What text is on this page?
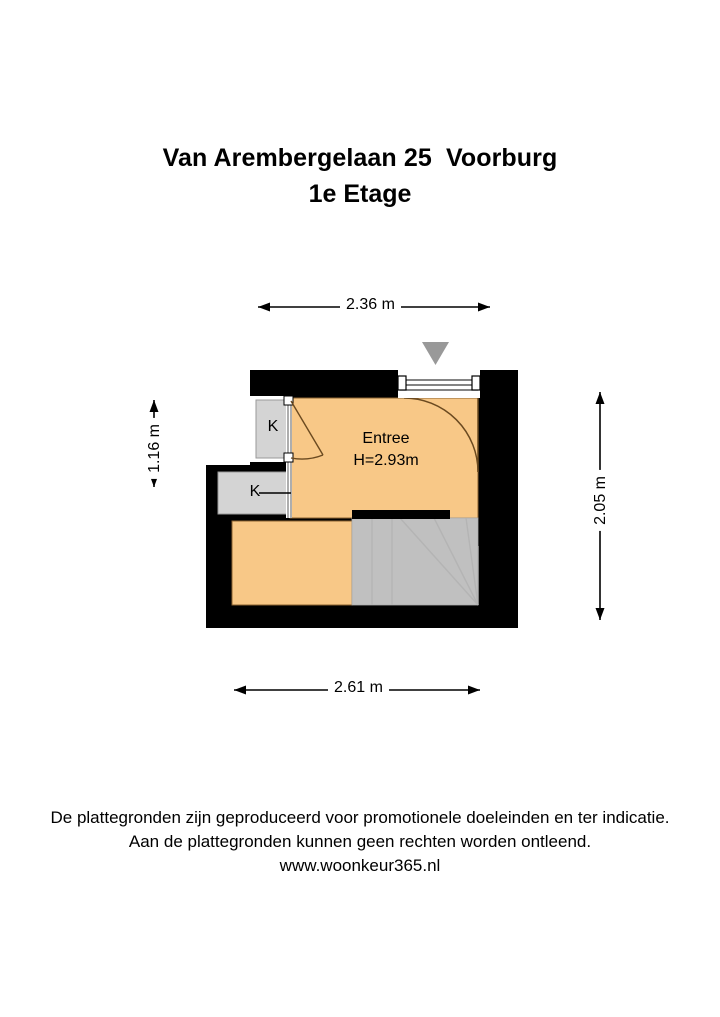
Van Arembergelaan 25  Voorburg
1e Etage
2.36 m
2.61 m
1.16 m
2.05 m
Entree
H=2.93m
K
K
De plattegronden zijn geproduceerd voor promotionele doeleinden en ter indicatie.
Aan de plattegronden kunnen geen rechten worden ontleend.
www.woonkeur365.nl
